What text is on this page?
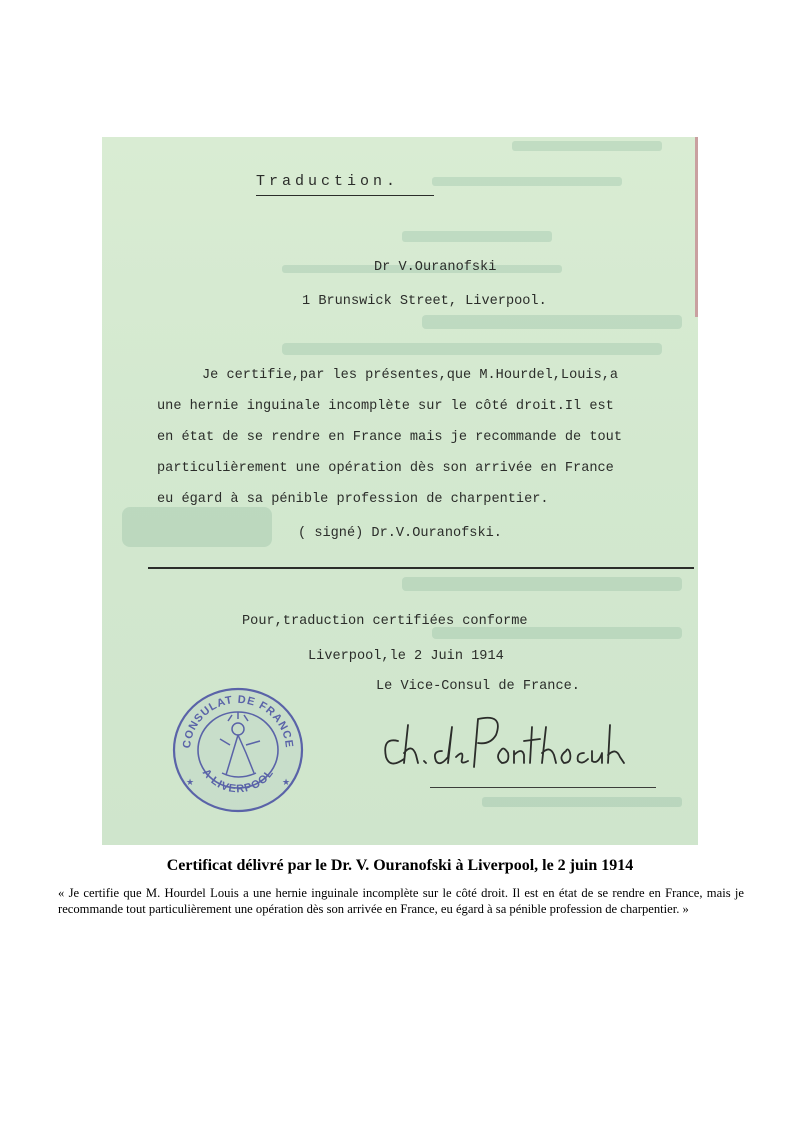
Traduction.
Dr V.Ouranofski
1 Brunswick Street, Liverpool.
Je certifie,par les présentes,que M.Hourdel,Louis,a
une hernie inguinale incomplète sur le côté droit.Il est
en état de se rendre en France mais je recommande de tout
particulièrement une opération dès son arrivée en France
eu égard à sa pénible profession de charpentier.
( signé) Dr.V.Ouranofski.
Pour,traduction certifiées conforme
Liverpool,le 2 Juin 1914
Le Vice-Consul de France.
CONSULAT DE FRANCE
A LIVERPOOL
★	★
Certificat délivré par le Dr. V. Ouranofski à Liverpool, le 2 juin 1914

« Je certifie que M. Hourdel Louis a une hernie inguinale incomplète sur le côté droit. Il est en état de se rendre en France, mais je recommande tout particulièrement une opération dès son arrivée en France, eu égard à sa pénible profession de charpentier. »
